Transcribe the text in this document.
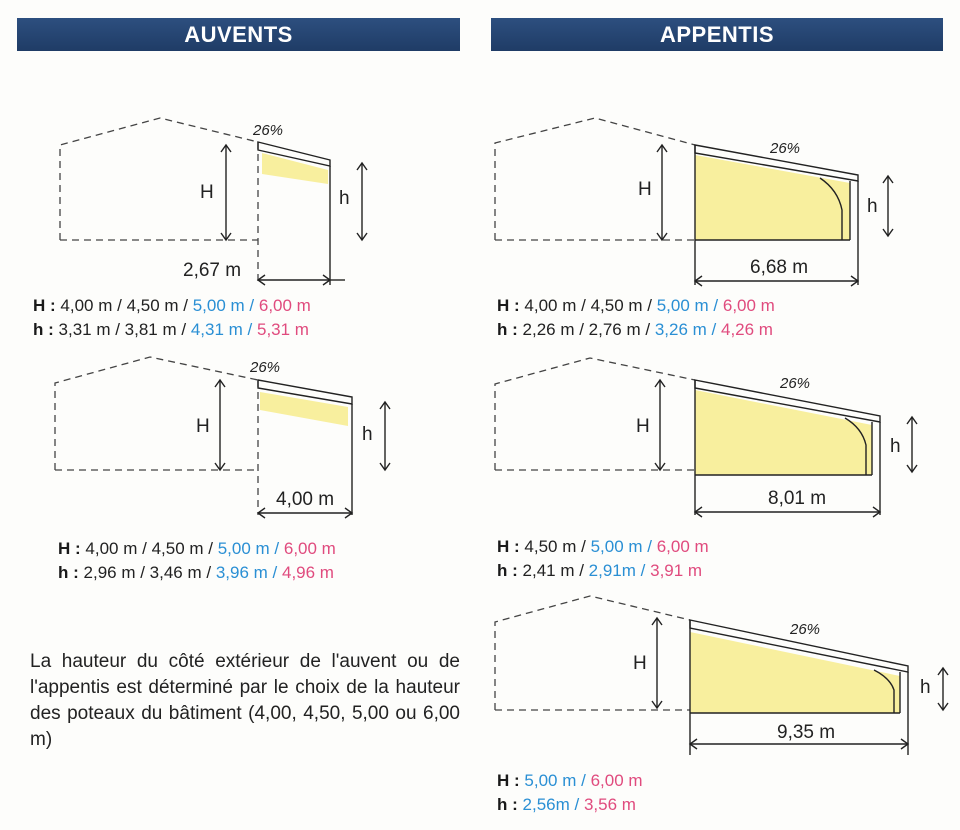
AUVENTS	APPENTIS
26%
H	h
2,67 m
H : 4,00 m / 4,50 m / 5,00 m / 6,00 m
h : 3,31 m / 3,81 m / 4,31 m / 5,31 m
26%
H	h
4,00 m
H : 4,00 m / 4,50 m / 5,00 m / 6,00 m
h : 2,96 m / 3,46 m / 3,96 m / 4,96 m
26%
H
h
6,68 m
H : 4,00 m / 4,50 m / 5,00 m / 6,00 m
h : 2,26 m / 2,76 m / 3,26 m / 4,26 m
26%
H
h
8,01 m
H : 4,50 m / 5,00 m / 6,00 m
h : 2,41 m / 2,91m / 3,91 m
26%
H
h
9,35 m
H : 5,00 m / 6,00 m
h : 2,56m / 3,56 m
La hauteur du côté extérieur de l'auvent ou de l'appentis est déterminé par le choix de la hauteur des poteaux du bâtiment (4,00, 4,50, 5,00 ou 6,00 m)
